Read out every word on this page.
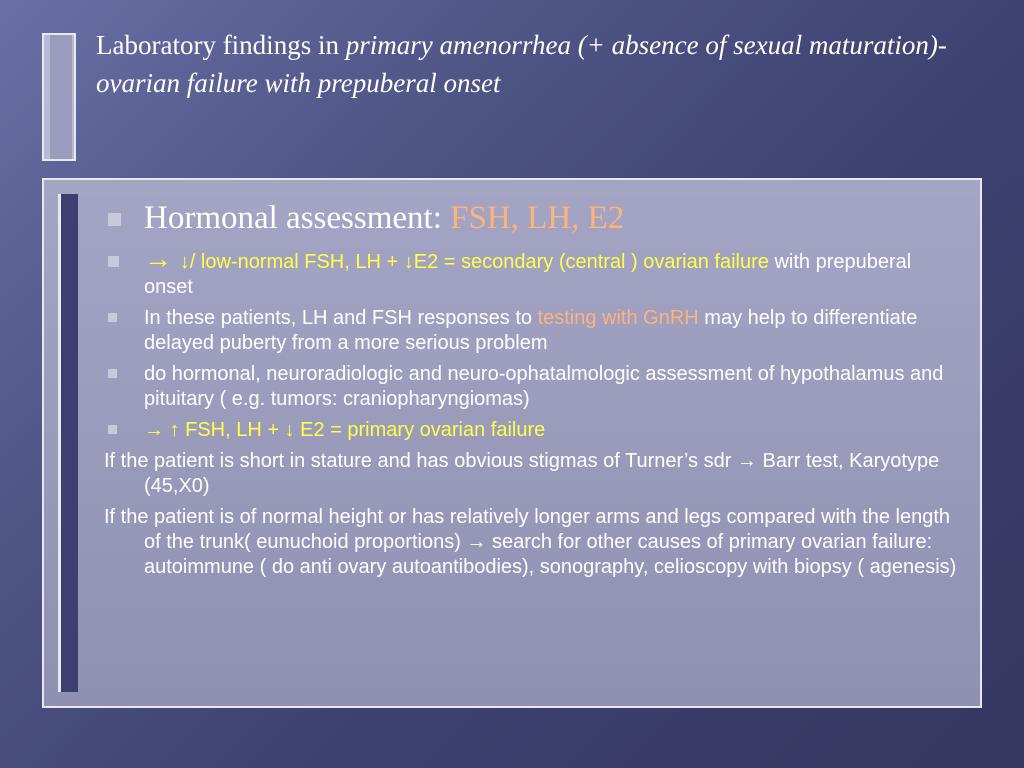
Laboratory findings in primary amenorrhea (+ absence of sexual maturation)- ovarian failure with prepuberal onset

Hormonal assessment: FSH, LH, E2

→ ↓/ low-normal FSH, LH + ↓E2 = secondary (central ) ovarian failure with prepuberal onset

In these patients, LH and FSH responses to testing with GnRH may help to differentiate delayed puberty from a more serious problem

do hormonal, neuroradiologic and neuro-ophatalmologic assessment of hypothalamus and pituitary ( e.g. tumors: craniopharyngiomas)

→ ↑ FSH, LH + ↓ E2 = primary ovarian failure

If the patient is short in stature and has obvious stigmas of Turner’s sdr → Barr test, Karyotype (45,X0)

If the patient is of normal height or has relatively longer arms and legs compared with the length of the trunk( eunuchoid proportions) → search for other causes of primary ovarian failure: autoimmune ( do anti ovary autoantibodies), sonography, celioscopy with biopsy ( agenesis)
